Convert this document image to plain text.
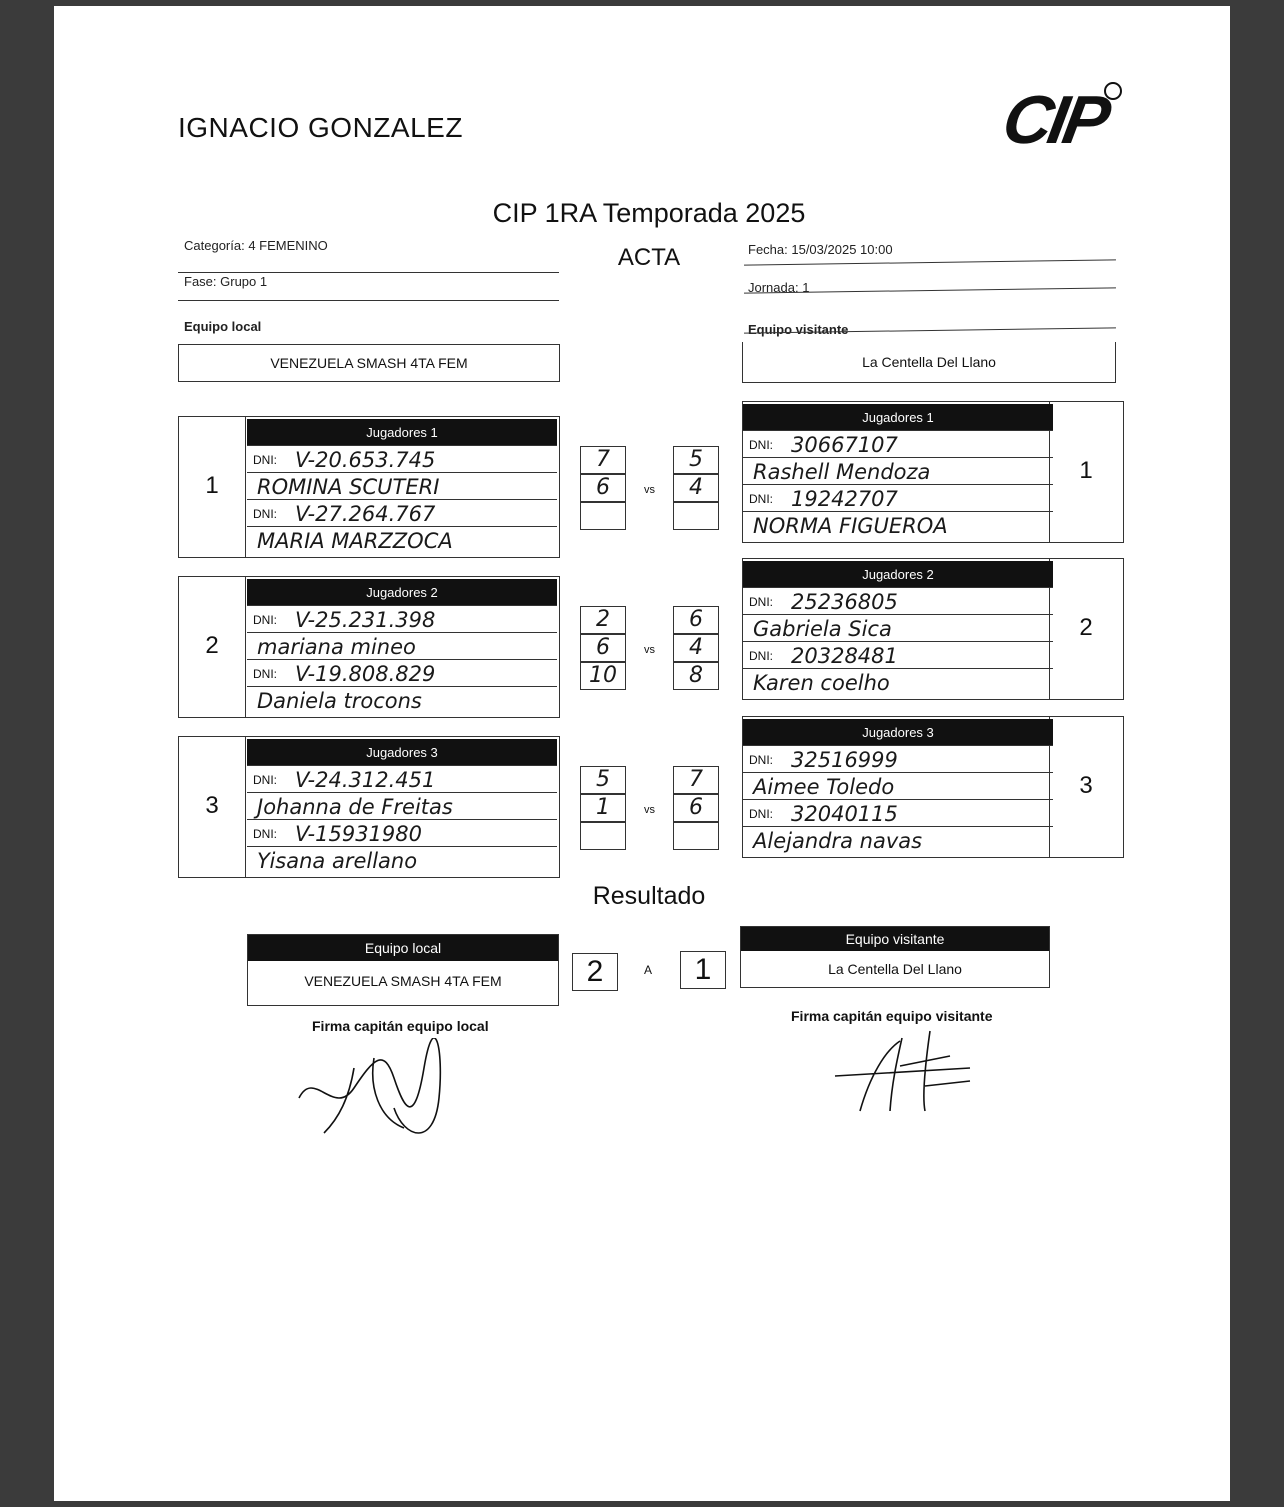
IGNACIO GONZALEZ	CIP
CIP 1RA Temporada 2025
ACTA
Categoría: 4 FEMENINO
Fase: Grupo 1
Fecha: 15/03/2025 10:00
Jornada: 1
Equipo local
VENEZUELA SMASH 4TA FEM
Equipo visitante
La Centella Del Llano
1
Jugadores 1
DNI: V-20.653.745
ROMINA SCUTERI
DNI: V-27.264.767
MARIA MARZZOCA
1
Jugadores 1
DNI: 30667107
Rashell Mendoza
DNI: 19242707
NORMA FIGUEROA
7	5
6	4
vs
2
Jugadores 2
DNI: V-25.231.398
mariana mineo
DNI: V-19.808.829
Daniela trocons
2
Jugadores 2
DNI: 25236805
Gabriela Sica
DNI: 20328481
Karen coelho
2	6
6	4
10	8
vs
3
Jugadores 3
DNI: V-24.312.451
Johanna de Freitas
DNI: V-15931980
Yisana arellano
3
Jugadores 3
DNI: 32516999
Aimee Toledo
DNI: 32040115
Alejandra navas
5	7
1	6
vs
Resultado
Equipo local
VENEZUELA SMASH 4TA FEM	2	A	1
Equipo visitante
La Centella Del Llano
Firma capitán equipo local
Firma capitán equipo visitante
